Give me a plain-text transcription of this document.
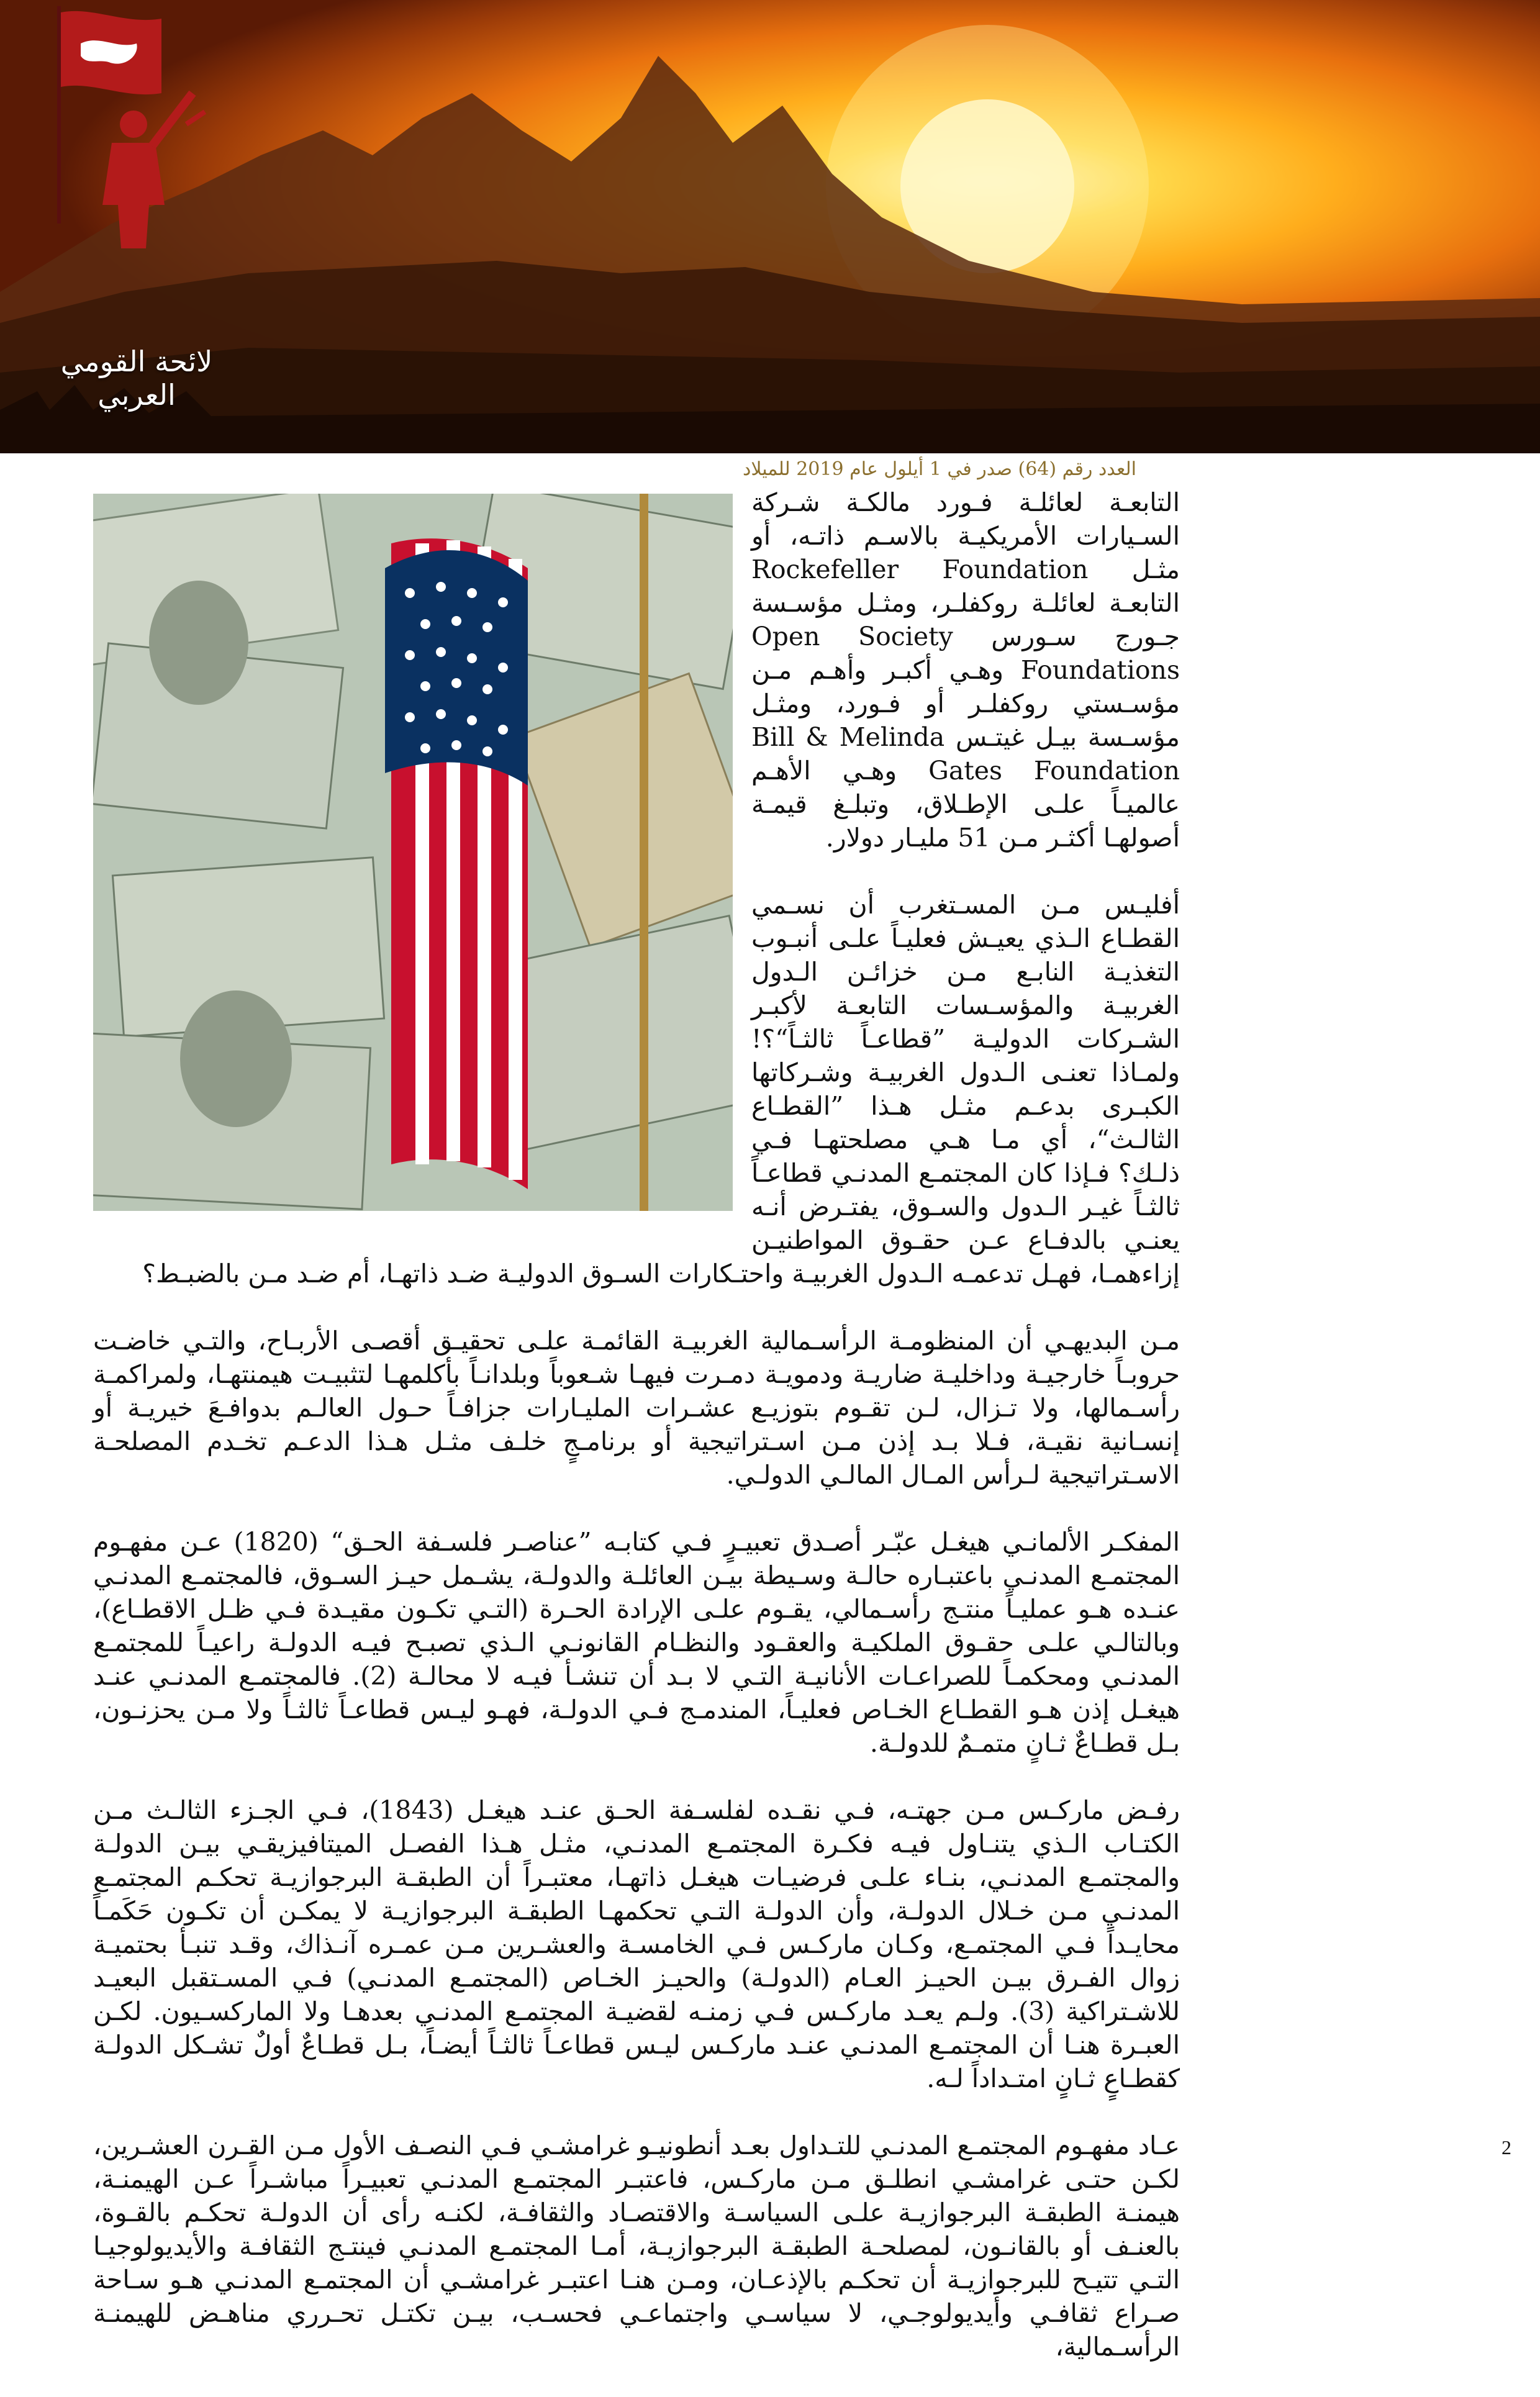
لائحة القومي العربي
العدد رقم (64) صدر في 1 أيلول عام 2019 للميلاد

التابعـة لعائلـة فـورد مالكـة شـركة السـيارات الأمريكيـة بالاسـم ذاتـه، أو مثـل Rockefeller Foundation التابعـة لعائلـة روكفلـر، ومثـل مؤسـسة جـورج سـورس Open Society Foundations وهـي أكبـر وأهـم مـن مؤسـستي روكفلـر أو فـورد، ومثـل مؤسـسة بيـل غيتـس Bill & Melinda Gates Foundation وهـي الأهـم عالميـاً علـى الإطـلاق، وتبلـغ قيمـة أصولهـا أكثـر مـن 51 مليـار دولار.

أفليـس مـن المسـتغرب أن نسـمي القطـاع الـذي يعيـش فعليـاً علـى أنبـوب التغذيـة النابـع مـن خزائـن الـدول الغربيـة والمؤسـسات التابعـة لأكبـر الشـركات الدوليـة ”قطاعـاً ثالثـاً“؟! ولمـاذا تعنـى الـدول الغربيـة وشـركاتها الكبـرى بدعـم مثـل هـذا ”القطـاع الثالـث“، أي مـا هـي مصلحتهـا فـي ذلـك؟ فـإذا كان المجتمـع المدنـي قطاعـاً ثالثـاً غيـر الـدول والسـوق، يفتـرض أنـه يعنـي بالدفـاع عـن حقـوق المواطنيـن إزاءهمـا، فهـل تدعمـه الـدول الغربيـة واحتـكارات السـوق الدوليـة ضـد ذاتهـا، أم ضـد مـن بالضبـط؟

مـن البديهـي أن المنظومـة الرأسـمالية الغربيـة القائمـة علـى تحقيـق أقصـى الأربـاح، والتـي خاضـت حروبـاً خارجيـة وداخليـة ضاريـة ودمويـة دمـرت فيهـا شـعوباً وبلدانـاً بأكلمهـا لتثبيـت هيمنتهـا، ولمراكمـة رأسـمالها، ولا تـزال، لـن تقـوم بتوزيـع عشـرات المليـارات جزافـاً حـول العالـم بدوافـعَ خيريـة أو إنسـانية نقيـة، فـلا بـد إذن مـن اسـتراتيجية أو برنامـجٍ خلـف مثـل هـذا الدعـم تخـدم المصلحـة الاسـتراتيجية لـرأس المـال المالـي الدولـي.

المفكـر الألمانـي هيغـل عبّـر أصـدق تعبيـرٍ فـي كتابـه ”عناصـر فلسـفة الحـق“ (1820) عـن مفهـوم المجتمـع المدنـي باعتبـاره حالـة وسـيطة بيـن العائلـة والدولـة، يشـمل حيـز السـوق، فالمجتمـع المدنـي عنـده هـو عمليـاً منتـج رأسـمالي، يقـوم علـى الإرادة الحـرة (التـي تكـون مقيـدة فـي ظـل الاقطـاع)، وبالتالـي علـى حقـوق الملكيـة والعقـود والنظـام القانونـي الـذي تصبـح فيـه الدولـة راعيـاً للمجتمـع المدنـي ومحكمـاً للصراعـات الأنانيـة التـي لا بـد أن تنشـأ فيـه لا محالـة (2). فالمجتمـع المدنـي عنـد هيغـل إذن هـو القطـاع الخـاص فعليـاً، المندمـج فـي الدولـة، فهـو ليـس قطاعـاً ثالثـاً ولا مـن يحزنـون، بـل قطـاعٌ ثـانٍ متمـمٌ للدولـة.

رفـض ماركـس مـن جهتـه، فـي نقـده لفلسـفة الحـق عنـد هيغـل (1843)، فـي الجـزء الثالـث مـن الكتـاب الـذي يتنـاول فيـه فكـرة المجتمـع المدنـي، مثـل هـذا الفصـل الميتافيزيقـي بيـن الدولـة والمجتمـع المدنـي، بنـاء علـى فرضيـات هيغـل ذاتهـا، معتبـراً أن الطبقـة البرجوازيـة تحكـم المجتمـع المدنـي مـن خـلال الدولـة، وأن الدولـة التـي تحكمهـا الطبقـة البرجوازيـة لا يمكـن أن تكـون حَكَمـاً محايـداً فـي المجتمـع، وكـان ماركـس فـي الخامسـة والعشـرين مـن عمـره آنـذاك، وقـد تنبـأ بحتميـة زوال الفـرق بيـن الحيـز العـام (الدولـة) والحيـز الخـاص (المجتمـع المدنـي) فـي المسـتقبل البعيـد للاشـتراكية (3). ولـم يعـد ماركـس فـي زمنـه لقضيـة المجتمـع المدنـي بعدهـا ولا الماركسـيون. لكـن العبـرة هنـا أن المجتمـع المدنـي عنـد ماركـس ليـس قطاعـاً ثالثـاً أيضـاً، بـل قطـاعٌ أولٌ تشـكل الدولـة كقطـاعٍ ثـانٍ امتـداداً لـه.

عـاد مفهـوم المجتمـع المدنـي للتـداول بعـد أنطونيـو غرامشـي فـي النصـف الأول مـن القـرن العشـرين، لكـن حتـى غرامشـي انطلـق مـن ماركـس، فاعتبـر المجتمـع المدنـي تعبيـراً مباشـراً عـن الهيمنـة، هيمنـة الطبقـة البرجوازيـة علـى السياسـة والاقتصـاد والثقافـة، لكنـه رأى أن الدولـة تحكـم بالقـوة، بالعنـف أو بالقانـون، لمصلحـة الطبقـة البرجوازيـة، أمـا المجتمـع المدنـي فينتـج الثقافـة والأيديولوجيـا التـي تتيـح للبرجوازيـة أن تحكـم بالإذعـان، ومـن هنـا اعتبـر غرامشـي أن المجتمـع المدنـي هـو سـاحة صـراع ثقافـي وأيديولوجـي، لا سياسـي واجتماعـي فحسـب، بيـن تكتـل تحـرري مناهـض للهيمنـة الرأسـمالية،

2
